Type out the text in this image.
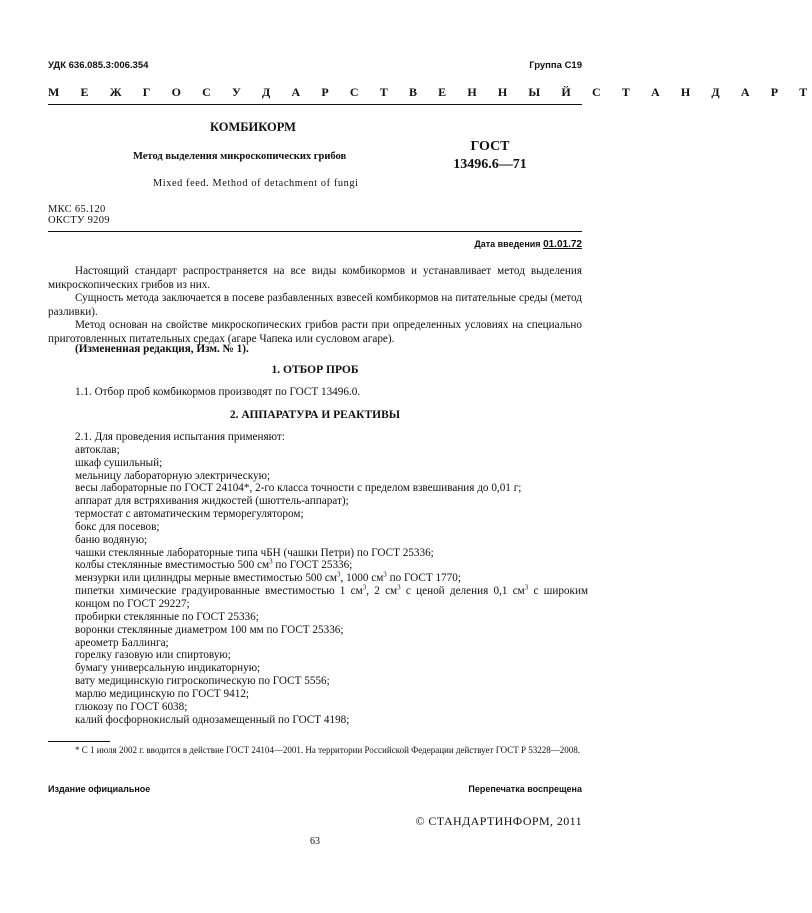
УДК 636.085.3:006.354	Группа С19
М Е Ж Г О С У Д А Р С Т В Е Н Н Ы Й С Т А Н Д А Р Т
КОМБИКОРМ
Метод выделения микроскопических грибов
Mixed feed. Method of detachment of fungi
ГОСТ
13496.6—71
МКС 65.120
ОКСТУ 9209
Дата введения 01.01.72

Настоящий стандарт распространяется на все виды комбикормов и устанавливает метод выделения микроскопических грибов из них.

Сущность метода заключается в посеве разбавленных взвесей комбикормов на питательные среды (метод разливки).

Метод основан на свойстве микроскопических грибов расти при определенных условиях на специально приготовленных питательных средах (агаре Чапека или сусловом агаре).

(Измененная редакция, Изм. № 1).
1. ОТБОР ПРОБ
1.1. Отбор проб комбикормов производят по ГОСТ 13496.0.
2. АППАРАТУРА И РЕАКТИВЫ
2.1. Для проведения испытания применяют:
автоклав;
шкаф сушильный;
мельницу лабораторную электрическую;
весы лабораторные по ГОСТ 24104*, 2-го класса точности с пределом взвешивания до 0,01 г;
аппарат для встряхивания жидкостей (шюттель-аппарат);
термостат с автоматическим терморегулятором;
бокс для посевов;
баню водяную;
чашки стеклянные лабораторные типа чБН (чашки Петри) по ГОСТ 25336;
колбы стеклянные вместимостью 500 $см^3$ по ГОСТ 25336;
мензурки или цилиндры мерные вместимостью 500 $см^3$, 1000 $см^3$ по ГОСТ 1770;
пипетки химические градуированные вместимостью 1 $см^3$, 2 $см^3$ с ценой деления 0,1 $см^3$ с широким концом по ГОСТ 29227;
пробирки стеклянные по ГОСТ 25336;
воронки стеклянные диаметром 100 мм по ГОСТ 25336;
ареометр Баллинга;
горелку газовую или спиртовую;
бумагу универсальную индикаторную;
вату медицинскую гигроскопическую по ГОСТ 5556;
марлю медицинскую по ГОСТ 9412;
глюкозу по ГОСТ 6038;
калий фосфорнокислый однозамещенный по ГОСТ 4198;

* С 1 июля 2002 г. вводится в действие ГОСТ 24104—2001. На территории Российской Федерации действует ГОСТ Р 53228—2008.

Издание официальное	Перепечатка воспрещена
© СТАНДАРТИНФОРМ, 2011
63
